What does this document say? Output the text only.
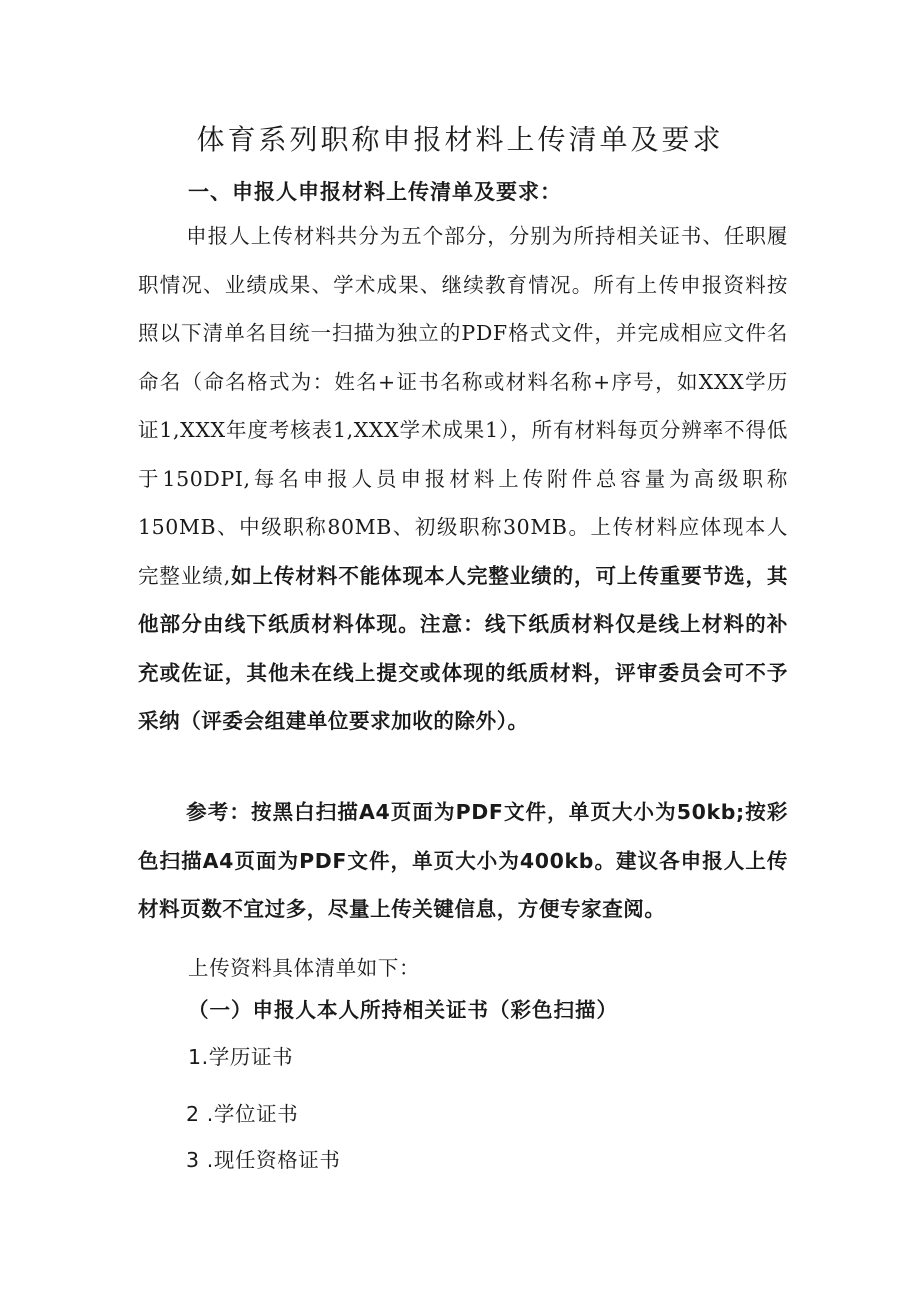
体育系列职称申报材料上传清单及要求
一、申报人申报材料上传清单及要求：
申报人上传材料共分为五个部分，分别为所持相关证书、任职履职情况、业绩成果、学术成果、继续教育情况。所有上传申报资料按照以下清单名目统一扫描为独立的PDF格式文件，并完成相应文件名命名（命名格式为：姓名+证书名称或材料名称+序号，如XXX学历证1,XXX年度考核表1,XXX学术成果1），所有材料每页分辨率不得低于150DPI,每名申报人员申报材料上传附件总容量为高级职称150MB、中级职称80MB、初级职称30MB。上传材料应体现本人完整业绩,如上传材料不能体现本人完整业绩的，可上传重要节选，其他部分由线下纸质材料体现。注意：线下纸质材料仅是线上材料的补充或佐证，其他未在线上提交或体现的纸质材料，评审委员会可不予采纳（评委会组建单位要求加收的除外）。
参考：按黑白扫描A4页面为PDF文件，单页大小为50kb;按彩色扫描A4页面为PDF文件，单页大小为400kb。建议各申报人上传材料页数不宜过多，尽量上传关键信息，方便专家查阅。
上传资料具体清单如下：
（一）申报人本人所持相关证书（彩色扫描）
1.学历证书
2 .学位证书
3 .现任资格证书
